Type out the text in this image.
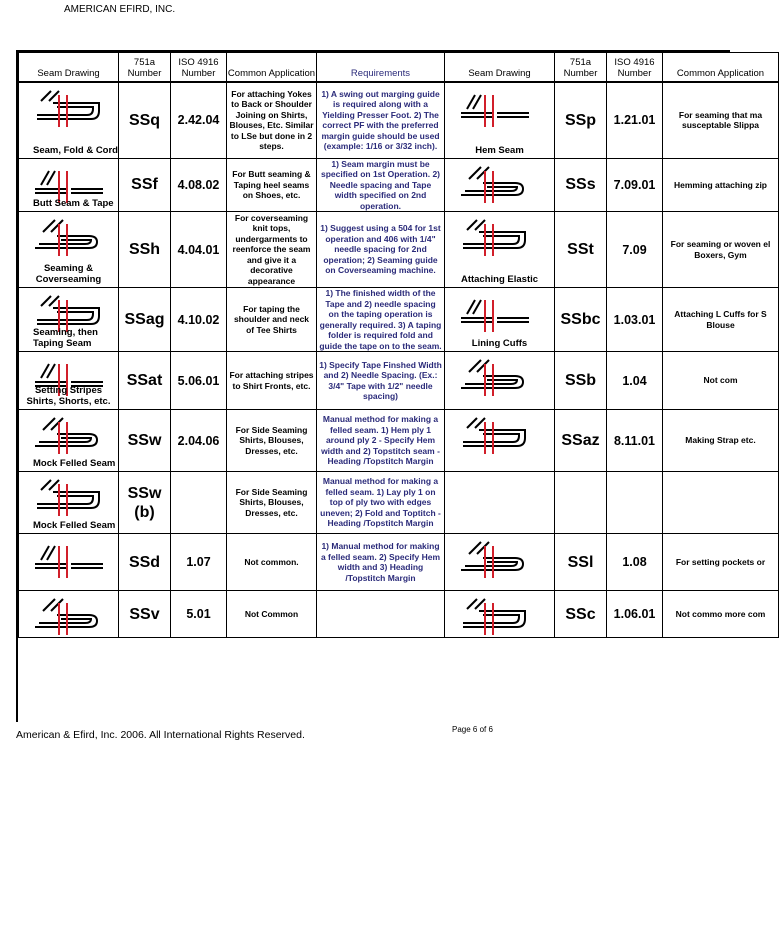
AMERICAN EFIRD, INC.
Seam Drawing	751a Number	ISO 4916 Number	Common Application	Requirements	Seam Drawing	751a Number	ISO 4916 Number	Common Application

Seam, Fold & Cord	SSq	2.42.04	For attaching Yokes to Back or Shoulder Joining on Shirts, Blouses, Etc. Similar to LSe but done in 2 steps.	1) A swing out marging guide is required along with a Yielding Presser Foot. 2) The correct PF with the preferred margin guide should be used (example: 1/16 or 3/32 inch).	Hem Seam	SSp	1.21.01	For seaming that ma susceptable Slippa

Butt Seam & Tape	SSf	4.08.02	For Butt seaming & Taping heel seams on Shoes, etc.	1) Seam margin must be specified on 1st Operation. 2) Needle spacing and Tape width specified on 2nd operation.		SSs	7.09.01	Hemming attaching zip

Seaming & Coverseaming	SSh	4.04.01	For coverseaming knit tops, undergarments to reenforce the seam and give it a decorative appearance	1) Suggest using a 504 for 1st operation and 406 with 1/4" needle spacing for 2nd operation; 2) Seaming guide on Coverseaming machine.	Attaching Elastic	SSt	7.09	For seaming or woven el Boxers, Gym

Seaming, then Taping Seam	SSag	4.10.02	For taping the shoulder and neck of Tee Shirts	1) The finished width of the Tape and 2) needle spacing on the taping operation is generally required. 3) A taping folder is required fold and guide the tape on to the seam.	Lining Cuffs	SSbc	1.03.01	Attaching L Cuffs for S Blouse

Setting Stripes Shirts, Shorts, etc.	SSat	5.06.01	For attaching stripes to Shirt Fronts, etc.	1) Specify Tape Finshed Width and 2) Needle Spacing. (Ex.: 3/4" Tape with 1/2" needle spacing)		SSb	1.04	Not com

Mock Felled Seam	SSw	2.04.06	For Side Seaming Shirts, Blouses, Dresses, etc.	Manual method for making a felled seam. 1) Hem ply 1 around ply 2 - Specify Hem width and 2) Topstitch seam - Heading /Topstitch Margin		SSaz	8.11.01	Making Strap etc.

Mock Felled Seam	SSw (b)		For Side Seaming Shirts, Blouses, Dresses, etc.	Manual method for making a felled seam. 1) Lay ply 1 on top of ply two with edges uneven; 2) Fold and Toptitch - Heading /Topstitch Margin				

	SSd	1.07	Not common.	1) Manual method for making a felled seam. 2) Specify Hem width and 3) Heading /Topstitch Margin		SSl	1.08	For setting pockets or

	SSv	5.01	Not Common			SSc	1.06.01	Not commo more com
American & Efird, Inc. 2006. All International Rights Reserved.	Page 6 of 6
